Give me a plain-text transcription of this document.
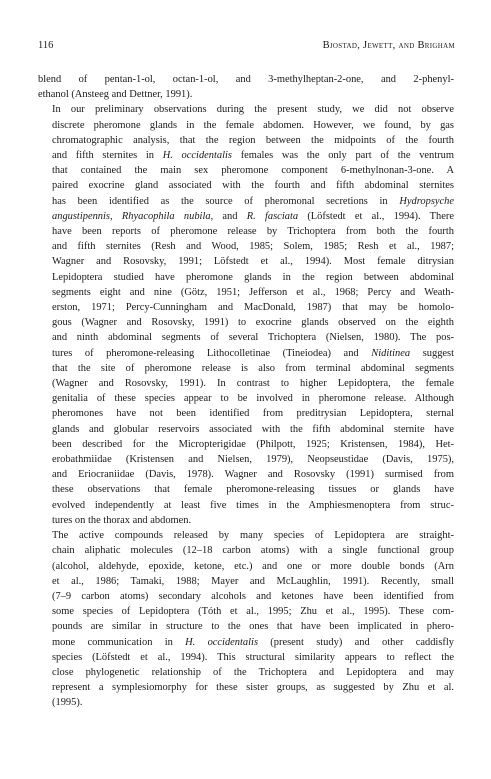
116	Bjostad, Jewett, and Brigham

blend of pentan-1-ol, octan-1-ol, and 3-methylheptan-2-one, and 2-phenyl-
ethanol (Ansteeg and Dettner, 1991).

In our preliminary observations during the present study, we did not observe
discrete pheromone glands in the female abdomen. However, we found, by gas
chromatographic analysis, that the region between the midpoints of the fourth
and fifth sternites in H. occidentalis females was the only part of the ventrum
that contained the main sex pheromone component 6-methylnonan-3-one. A
paired exocrine gland associated with the fourth and fifth abdominal sternites
has been identified as the source of pheromonal secretions in Hydropsyche
angustipennis, Rhyacophila nubila, and R. fasciata (Löfstedt et al., 1994). There
have been reports of pheromone release by Trichoptera from both the fourth
and fifth sternites (Resh and Wood, 1985; Solem, 1985; Resh et al., 1987;
Wagner and Rosovsky, 1991; Löfstedt et al., 1994). Most female ditrysian
Lepidoptera studied have pheromone glands in the region between abdominal
segments eight and nine (Götz, 1951; Jefferson et al., 1968; Percy and Weath-
erston, 1971; Percy-Cunningham and MacDonald, 1987) that may be homolo-
gous (Wagner and Rosovsky, 1991) to exocrine glands observed on the eighth
and ninth abdominal segments of several Trichoptera (Nielsen, 1980). The pos-
tures of pheromone-releasing Lithocolletinae (Tineiodea) and Niditinea suggest
that the site of pheromone release is also from terminal abdominal segments
(Wagner and Rosovsky, 1991). In contrast to higher Lepidoptera, the female
genitalia of these species appear to be involved in pheromone release. Although
pheromones have not been identified from preditrysian Lepidoptera, sternal
glands and globular reservoirs associated with the fifth abdominal sternite have
been described for the Micropterigidae (Philpott, 1925; Kristensen, 1984), Het-
erobathmiidae (Kristensen and Nielsen, 1979), Neopseustidae (Davis, 1975),
and Eriocraniidae (Davis, 1978). Wagner and Rosovsky (1991) surmised from
these observations that female pheromone-releasing tissues or glands have
evolved independently at least five times in the Amphiesmenoptera from struc-
tures on the thorax and abdomen.

The active compounds released by many species of Lepidoptera are straight-
chain aliphatic molecules (12–18 carbon atoms) with a single functional group
(alcohol, aldehyde, epoxide, ketone, etc.) and one or more double bonds (Arn
et al., 1986; Tamaki, 1988; Mayer and McLaughlin, 1991). Recently, small
(7–9 carbon atoms) secondary alcohols and ketones have been identified from
some species of Lepidoptera (Tóth et al., 1995; Zhu et al., 1995). These com-
pounds are similar in structure to the ones that have been implicated in phero-
mone communication in H. occidentalis (present study) and other caddisfly
species (Löfstedt et al., 1994). This structural similarity appears to reflect the
close phylogenetic relationship of the Trichoptera and Lepidoptera and may
represent a symplesiomorphy for these sister groups, as suggested by Zhu et al.
(1995).
